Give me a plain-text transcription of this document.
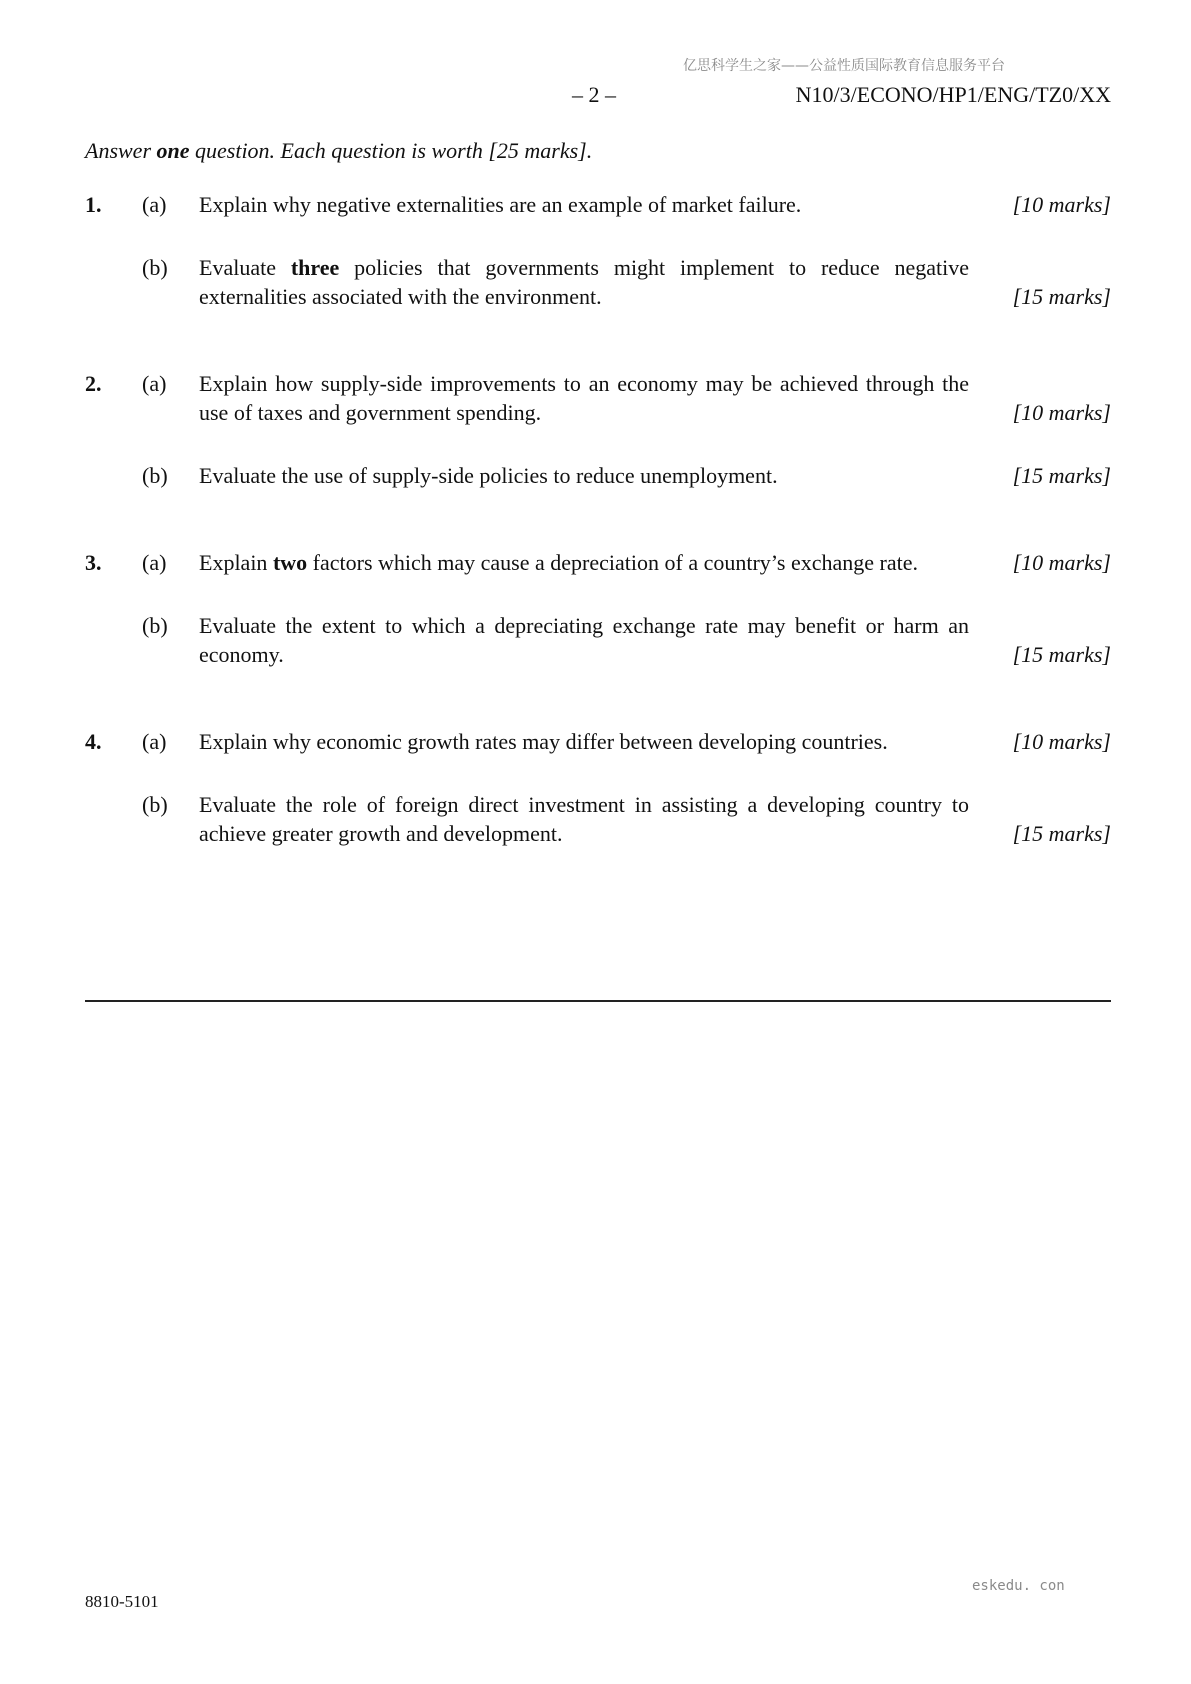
亿思科学生之家——公益性质国际教育信息服务平台
– 2 –	N10/3/ECONO/HP1/ENG/TZ0/XX
Answer one question. Each question is worth [25 marks].
1.	(a)	Explain why negative externalities are an example of market failure.	[10 marks]
(b)	Evaluate three policies that governments might implement to reduce negative externalities associated with the environment.	[15 marks]
2.	(a)	Explain how supply-side improvements to an economy may be achieved through the use of taxes and government spending.	[10 marks]
(b)	Evaluate the use of supply-side policies to reduce unemployment.	[15 marks]
3.	(a)	Explain two factors which may cause a depreciation of a country’s exchange rate.	[10 marks]
(b)	Evaluate the extent to which a depreciating exchange rate may benefit or harm an economy.	[15 marks]
4.	(a)	Explain why economic growth rates may differ between developing countries.	[10 marks]
(b)	Evaluate the role of foreign direct investment in assisting a developing country to achieve greater growth and development.	[15 marks]
eskedu. con
8810-5101
